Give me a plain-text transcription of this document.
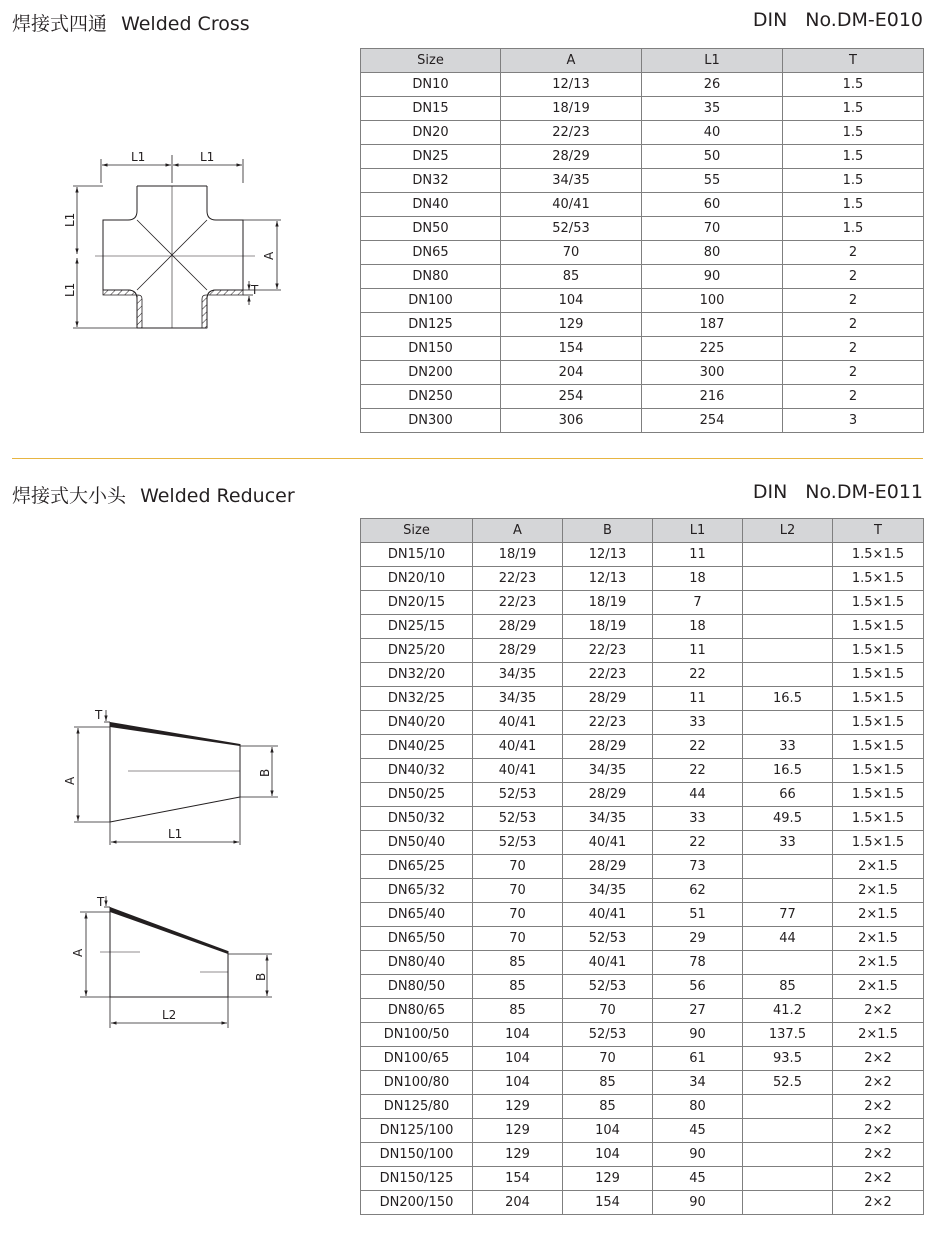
焊接式四通 Welded Cross	DIN No.DM-E010
Size	A	L1	T
DN10	12/13	26	1.5
DN15	18/19	35	1.5
DN20	22/23	40	1.5
DN25	28/29	50	1.5
DN32	34/35	55	1.5
DN40	40/41	60	1.5
DN50	52/53	70	1.5
DN65	70	80	2
DN80	85	90	2
DN100	104	100	2
DN125	129	187	2
DN150	154	225	2
DN200	204	300	2
DN250	254	216	2
DN300	306	254	3
L1	L1
L1
L1
A
T
焊接式大小头 Welded Reducer	DIN No.DM-E011
Size	A	B	L1	L2	T
DN15/10	18/19	12/13	11		1.5×1.5
DN20/10	22/23	12/13	18		1.5×1.5
DN20/15	22/23	18/19	7		1.5×1.5
DN25/15	28/29	18/19	18		1.5×1.5
DN25/20	28/29	22/23	11		1.5×1.5
DN32/20	34/35	22/23	22		1.5×1.5
DN32/25	34/35	28/29	11	16.5	1.5×1.5
DN40/20	40/41	22/23	33		1.5×1.5
DN40/25	40/41	28/29	22	33	1.5×1.5
DN40/32	40/41	34/35	22	16.5	1.5×1.5
DN50/25	52/53	28/29	44	66	1.5×1.5
DN50/32	52/53	34/35	33	49.5	1.5×1.5
DN50/40	52/53	40/41	22	33	1.5×1.5
DN65/25	70	28/29	73		2×1.5
DN65/32	70	34/35	62		2×1.5
DN65/40	70	40/41	51	77	2×1.5
DN65/50	70	52/53	29	44	2×1.5
DN80/40	85	40/41	78		2×1.5
DN80/50	85	52/53	56	85	2×1.5
DN80/65	85	70	27	41.2	2×2
DN100/50	104	52/53	90	137.5	2×1.5
DN100/65	104	70	61	93.5	2×2
DN100/80	104	85	34	52.5	2×2
DN125/80	129	85	80		2×2
DN125/100	129	104	45		2×2
DN150/100	129	104	90		2×2
DN150/125	154	129	45		2×2
DN200/150	204	154	90		2×2
A
T
B
L1
A
T
B
L2
